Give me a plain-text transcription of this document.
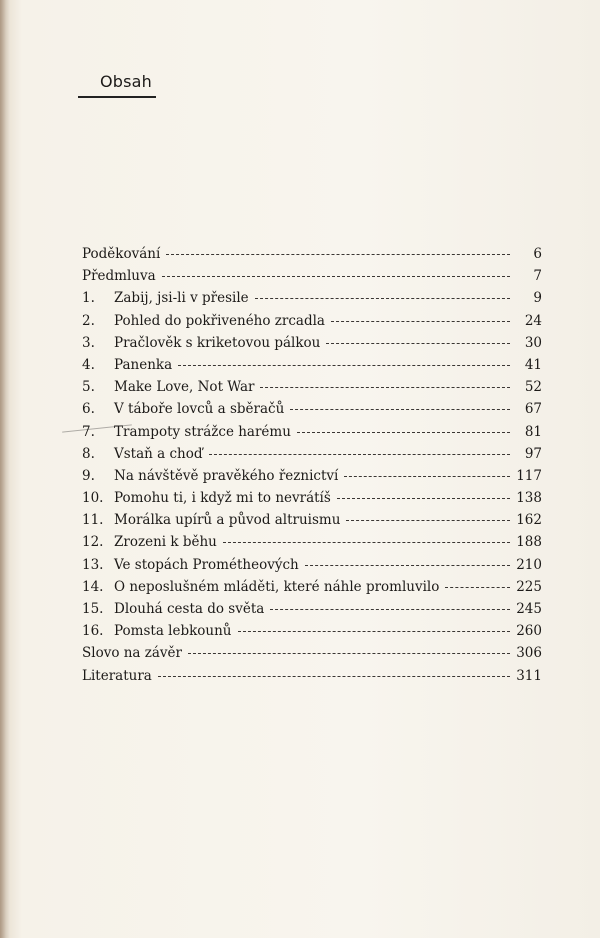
Obsah
Poděkování	6
Předmluva	7
1.	Zabij, jsi-li v přesile	9
2.	Pohled do pokřiveného zrcadla	24
3.	Pračlověk s kriketovou pálkou	30
4.	Panenka	41
5.	Make Love, Not War	52
6.	V táboře lovců a sběračů	67
7.	Trampoty strážce harému	81
8.	Vstaň a choď	97
9.	Na návštěvě pravěkého řeznictví	117
10. Pomohu ti, i když mi to nevrátíš	138
11. Morálka upírů a původ altruismu	162
12. Zrozeni k běhu	188
13. Ve stopách Prométheových	210
14. O neposlušném mláděti, které náhle promluvilo	225
15. Dlouhá cesta do světa	245
16. Pomsta lebkounů	260
Slovo na závěr	306
Literatura	311
